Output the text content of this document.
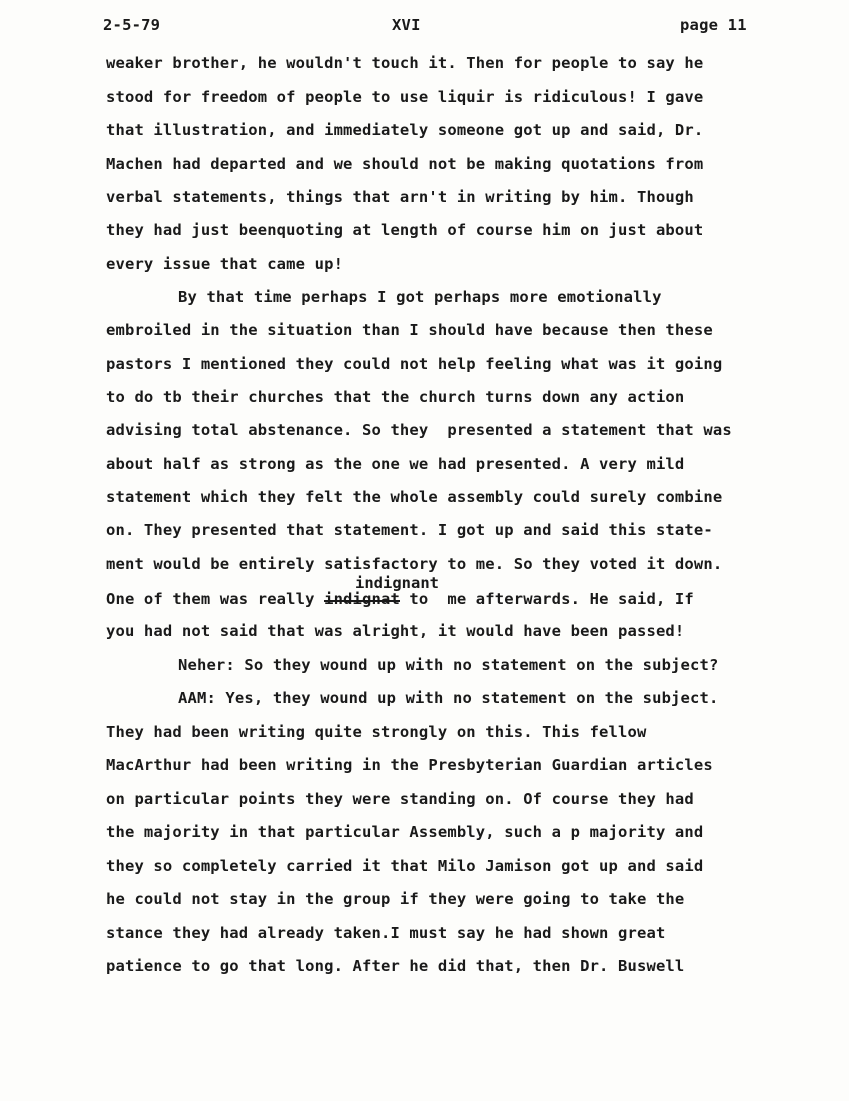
2-5-79	XVI	page 11
weaker brother, he wouldn't touch it. Then for people to say he
stood for freedom of people to use liquir is ridiculous! I gave
that illustration, and immediately someone got up and said, Dr.
Machen had departed and we should not be making quotations from
verbal statements, things that arn't in writing by him. Though
they had just beenquoting at length of course him on just about
every issue that came up!
By that time perhaps I got perhaps more emotionally
embroiled in the situation than I should have because then these
pastors I mentioned they could not help feeling what was it going
to do tb their churches that the church turns down any action
advising total abstenance. So they  presented a statement that was
about half as strong as the one we had presented. A very mild
statement which they felt the whole assembly could surely combine
on. They presented that statement. I got up and said this state-
ment would be entirely satisfactory to me. So they voted it down.
indignant
One of them was really indignat to  me afterwards. He said, If
you had not said that was alright, it would have been passed!
Neher: So they wound up with no statement on the subject?
AAM: Yes, they wound up with no statement on the subject.
They had been writing quite strongly on this. This fellow
MacArthur had been writing in the Presbyterian Guardian articles
on particular points they were standing on. Of course they had
the majority in that particular Assembly, such a p majority and
they so completely carried it that Milo Jamison got up and said
he could not stay in the group if they were going to take the
stance they had already taken.I must say he had shown great
patience to go that long. After he did that, then Dr. Buswell
